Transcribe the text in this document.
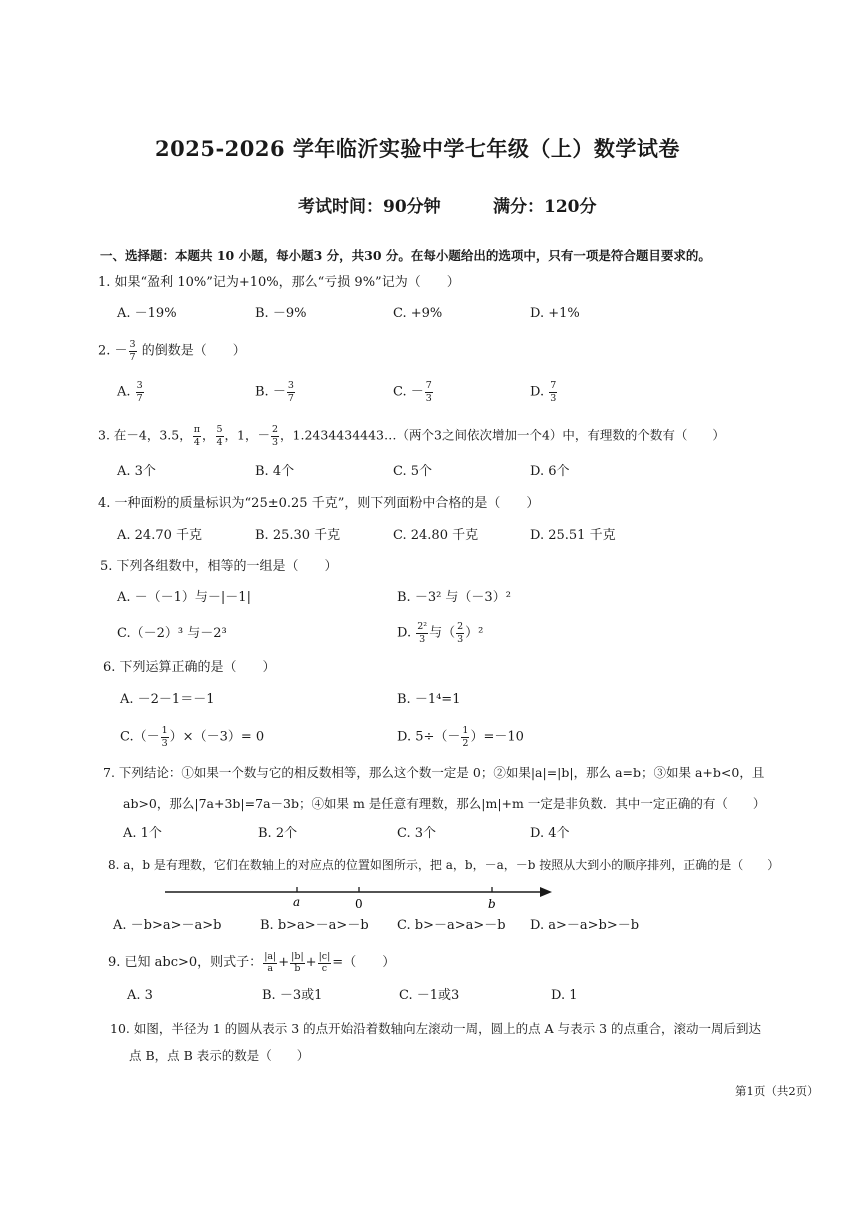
2025-2026 学年临沂实验中学七年级（上）数学试卷
考试时间：90分钟	满分：120分
一、选择题：本题共 10 小题，每小题3 分，共30 分。在每小题给出的选项中，只有一项是符合题目要求的。
1. 如果“盈利 10%”记为+10%，那么“亏损 9%”记为（　　）
A. －19%	B. －9%	C. +9%	D. +1%
2. － $\frac{3}{7}$ 的倒数是（　　）
A. $\frac{3}{7}$	B. － $\frac{3}{7}$	C. － $\frac{7}{3}$	D. $\frac{7}{3}$
3. 在－4，3.5， $\frac{\pi}{4}$ ， $\frac{5}{4}$ ，1，－ $\frac{2}{3}$ ，1.2434434443…（两个3之间依次增加一个4）中，有理数的个数有（　　）
A. 3个	B. 4个	C. 5个	D. 6个
4. 一种面粉的质量标识为“25±0.25 千克”，则下列面粉中合格的是（　　）
A. 24.70 千克	B. 25.30 千克	C. 24.80 千克	D. 25.51 千克
5. 下列各组数中，相等的一组是（　　）
A. －（－1）与－|－1|	B. －3² 与（－3）²
C.（－2）³ 与－2³	D. $\frac{\text{2²}}{3}$ 与（ $\frac{2}{3} )^2$
6. 下列运算正确的是（　　）
A. －2－1＝－1	B. －1⁴=1
$C.(- \frac{1}{3} )\times(-3)= 0$	D. $5\div(- \frac{1}{2} )=-10$
7. 下列结论：①如果一个数与它的相反数相等，那么这个数一定是 0；②如果|a|=|b|，那么 a=b；③如果 a+b<0，且
ab>0，那么|7a+3b|=7a－3b；④如果 m 是任意有理数，那么|m|+m 一定是非负数．其中一定正确的有（　　）
A. 1个	B. 2个	C. 3个	D. 4个
8. a，b 是有理数，它们在数轴上的对应点的位置如图所示，把 a，b，－a，－b 按照从大到小的顺序排列，正确的是（　　）
a	0	b
A. －b>a>－a>b	B. b>a>－a>－b C. b>－a>a>－b D. a>－a>b>－b
9. 已知 abc>0，则式子： $\frac{|a|}{a} + \frac{|b|}{b} + \frac{|c|}{c}$ =（　　）
A. 3	B. －3或1	C. －1或3	D. 1
10. 如图，半径为 1 的圆从表示 3 的点开始沿着数轴向左滚动一周，圆上的点 A 与表示 3 的点重合，滚动一周后到达
点 B，点 B 表示的数是（　　）
第1页（共2页）
